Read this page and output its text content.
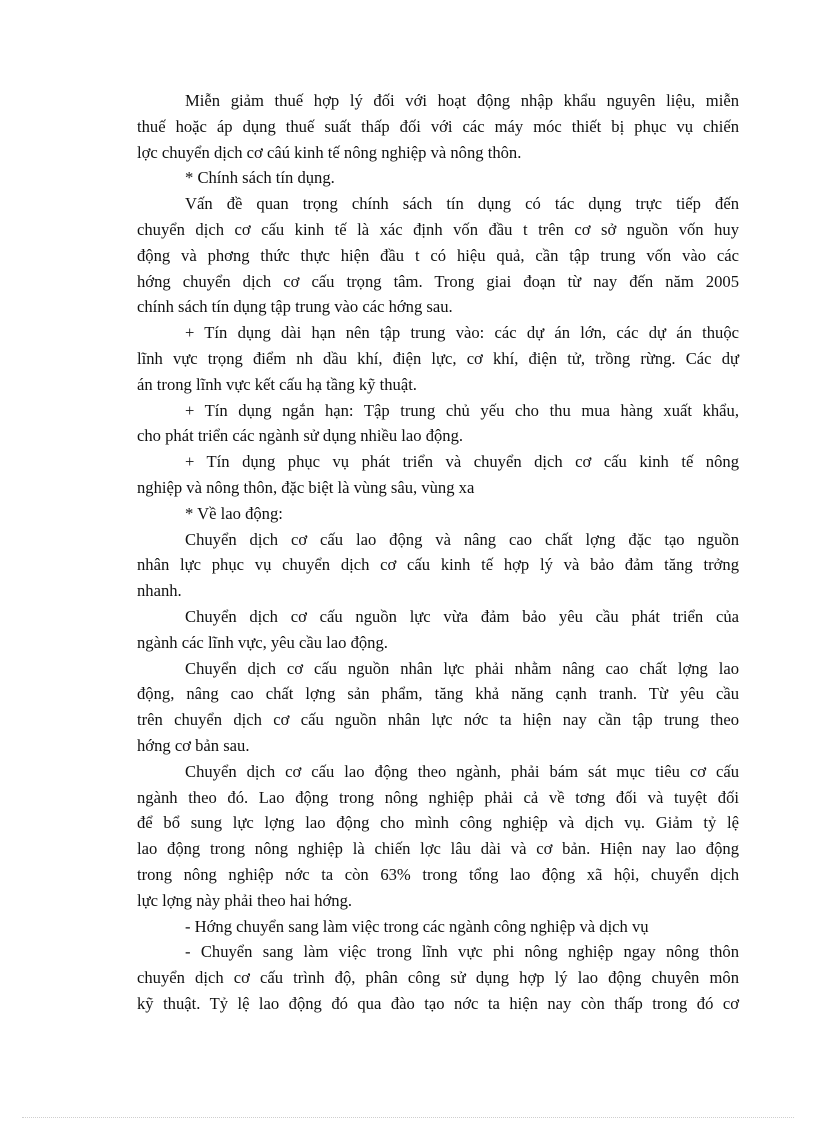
Miễn giảm thuế hợp lý đối với hoạt động nhập khẩu nguyên liệu, miễn
thuế hoặc áp dụng thuế suất thấp đối với các máy móc thiết bị phục vụ chiến
lợc chuyển dịch cơ câú kinh tế nông nghiệp và nông thôn.
* Chính sách tín dụng.
Vấn đề quan trọng chính sách tín dụng có tác dụng trực tiếp đến
chuyển dịch cơ cấu kinh tế là xác định vốn đầu t trên cơ sở nguồn vốn huy
động và phơng thức thực hiện đầu t có hiệu quả, cần tập trung vốn vào các
hớng chuyển dịch cơ cấu trọng tâm. Trong giai đoạn từ nay đến năm 2005
chính sách tín dụng tập trung vào các hớng sau.
+ Tín dụng dài hạn nên tập trung vào: các dự án lớn, các dự án thuộc
lĩnh vực trọng điểm nh dầu khí, điện lực, cơ khí, điện tử, trồng rừng. Các dự
án trong lĩnh vực kết cấu hạ tầng kỹ thuật.
+ Tín dụng ngắn hạn: Tập trung chủ yếu cho thu mua hàng xuất khẩu,
cho phát triển các ngành sử dụng nhiều lao động.
+ Tín dụng phục vụ phát triển và chuyển dịch cơ cấu kinh tế nông
nghiệp và nông thôn, đặc biệt là vùng sâu, vùng xa
* Về lao động:
Chuyển dịch cơ cấu lao động và nâng cao chất lợng đặc tạo nguồn
nhân lực phục vụ chuyển dịch cơ cấu kinh tế hợp lý và bảo đảm tăng trởng
nhanh.
Chuyển dịch cơ cấu nguồn lực vừa đảm bảo yêu cầu phát triển của
ngành các lĩnh vực, yêu cầu lao động.
Chuyển dịch cơ cấu nguồn nhân lực phải nhằm nâng cao chất lợng lao
động, nâng cao chất lợng sản phẩm, tăng khả năng cạnh tranh. Từ yêu cầu
trên chuyển dịch cơ cấu nguồn nhân lực nớc ta hiện nay cần tập trung theo
hớng cơ bản sau.
Chuyển dịch cơ cấu lao động theo ngành, phải bám sát mục tiêu cơ cấu
ngành theo đó. Lao động trong nông nghiệp phải cả về tơng đối và tuyệt đối
để bổ sung lực lợng lao động cho mình công nghiệp và dịch vụ. Giảm tỷ lệ
lao động trong nông nghiệp là chiến lợc lâu dài và cơ bản. Hiện nay lao động
trong nông nghiệp nớc ta còn 63% trong tổng lao động xã hội, chuyển dịch
lực lợng này phải theo hai hớng.
- Hớng chuyển sang làm việc trong các ngành công nghiệp và dịch vụ
- Chuyển sang làm việc trong lĩnh vực phi nông nghiệp ngay nông thôn
chuyển dịch cơ cấu trình độ, phân công sử dụng hợp lý lao động chuyên môn
kỹ thuật. Tỷ lệ lao động đó qua đào tạo nớc ta hiện nay còn thấp trong đó cơ
